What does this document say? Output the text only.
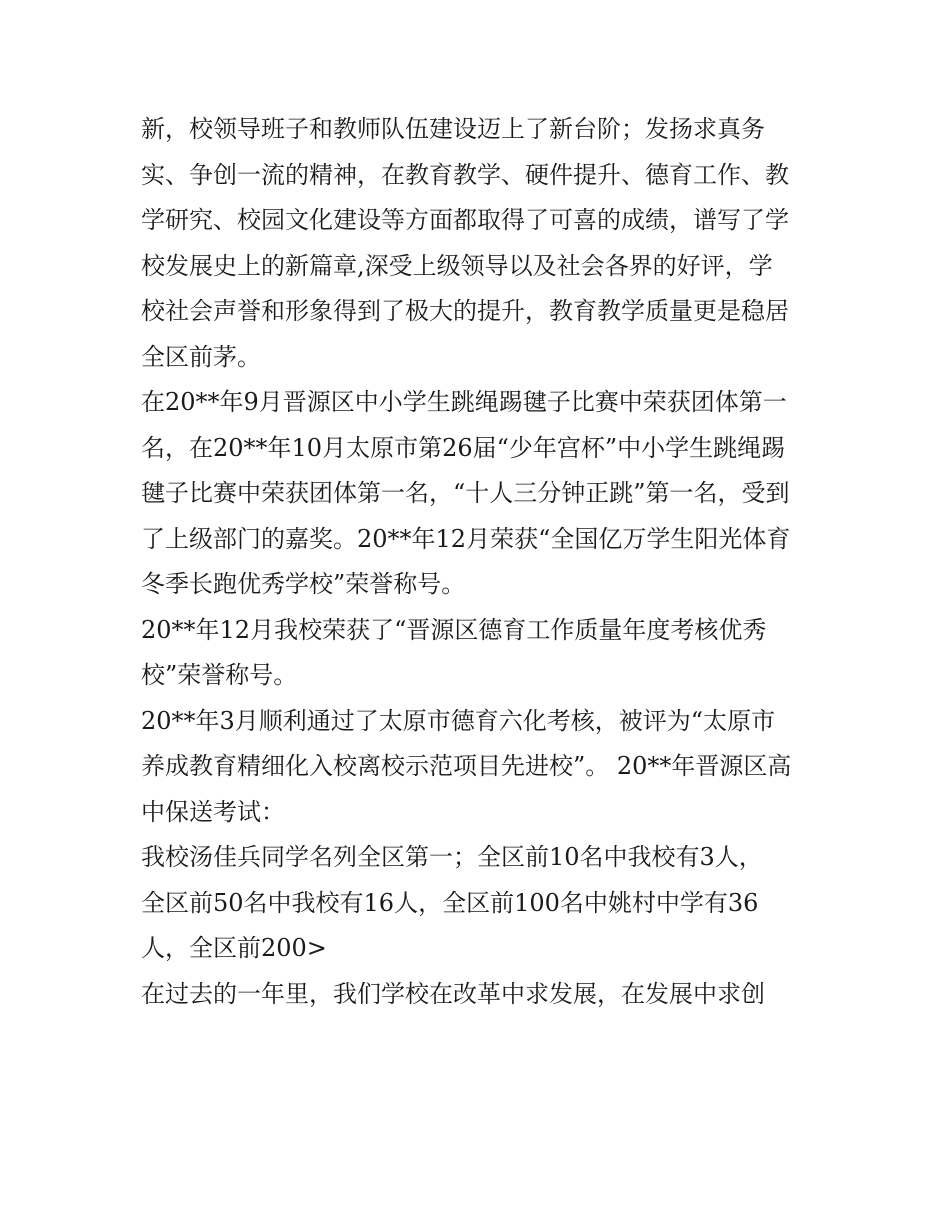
新，校领导班子和教师队伍建设迈上了新台阶；发扬求真务
实、争创一流的精神，在教育教学、硬件提升、德育工作、教
学研究、校园文化建设等方面都取得了可喜的成绩，谱写了学
校发展史上的新篇章,深受上级领导以及社会各界的好评，学
校社会声誉和形象得到了极大的提升，教育教学质量更是稳居
全区前茅。
在20**年9月晋源区中小学生跳绳踢毽子比赛中荣获团体第一
名，在20**年10月太原市第26届“少年宫杯”中小学生跳绳踢
毽子比赛中荣获团体第一名，“十人三分钟正跳”第一名，受到
了上级部门的嘉奖。20**年12月荣获“全国亿万学生阳光体育
冬季长跑优秀学校”荣誉称号。
20**年12月我校荣获了“晋源区德育工作质量年度考核优秀
校”荣誉称号。
20**年3月顺利通过了太原市德育六化考核，被评为“太原市
养成教育精细化入校离校示范项目先进校”。 20**年晋源区高
中保送考试：
我校汤佳兵同学名列全区第一；全区前10名中我校有3人，
全区前50名中我校有16人，全区前100名中姚村中学有36
人，全区前200>
在过去的一年里，我们学校在改革中求发展，在发展中求创
